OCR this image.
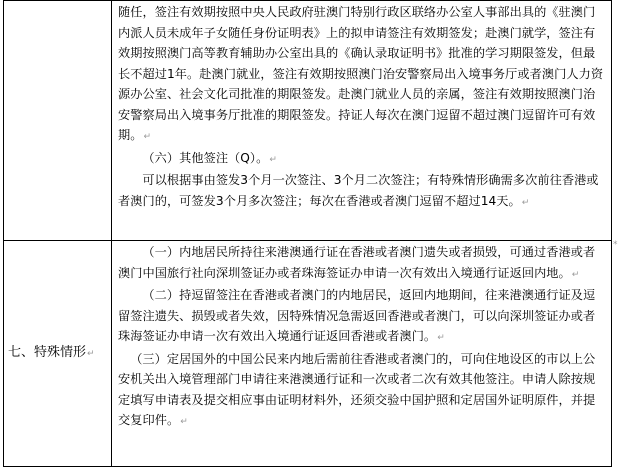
	随任，签注有效期按照中央人民政府驻澳门特别行政区联络办公室人事部出具的《驻澳门内派人员未成年子女随任身份证明表》上的拟申请签注有效期签发；赴澳门就学，签注有效期按照澳门高等教育辅助办公室出具的《确认录取证明书》批准的学习期限签发，但最长不超过1年。赴澳门就业，签注有效期按照澳门治安警察局出入境事务厅或者澳门人力资源办公室、社会文化司批准的期限签发。赴澳门就业人员的亲属，签注有效期按照澳门治安警察局出入境事务厅批准的期限签发。持证人每次在澳门逗留不超过澳门逗留许可有效期。↵

（六）其他签注（Q）。↵

可以根据事由签发3个月一次签注、3个月二次签注；有特殊情形确需多次前往香港或者澳门的，可签发3个月多次签注；每次在香港或者澳门逗留不超过14天。↵

七、特殊情形↵	（一）内地居民所持往来港澳通行证在香港或者澳门遗失或者损毁，可通过香港或者澳门中国旅行社向深圳签证办或者珠海签证办申请一次有效出入境通行证返回内地。↵

（二）持逗留签注在香港或者澳门的内地居民，返回内地期间，往来港澳通行证及逗留签注遗失、损毁或者失效，因特殊情况急需返回香港或者澳门，可以向深圳签证办或者珠海签证办申请一次有效出入境通行证返回香港或者澳门。↵

（三）定居国外的中国公民来内地后需前往香港或者澳门的，可向住地设区的市以上公安机关出入境管理部门申请往来港澳通行证和一次或者二次有效其他签注。申请人除按规定填写申请表及提交相应事由证明材料外，还须交验中国护照和定居国外证明原件，并提交复印件。↵

*
